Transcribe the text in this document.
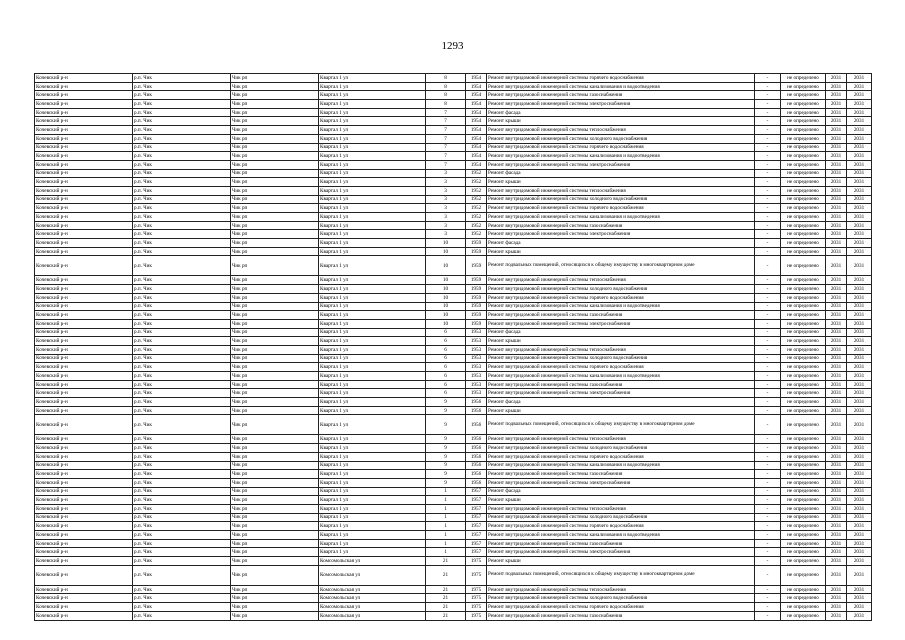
1293
Кочевский р-н	р.п. Чик	Чик рп	Квартал 1 ул	8	1954	Ремонт внутридомовой инженерной системы горячего водоснабжения	-	не определено	2031	2031
Кочевский р-н	р.п. Чик	Чик рп	Квартал 1 ул	8	1954	Ремонт внутридомовой инженерной системы канализования и водоотведения	-	не определено	2031	2031
Кочевский р-н	р.п. Чик	Чик рп	Квартал 1 ул	8	1954	Ремонт внутридомовой инженерной системы газоснабжения	-	не определено	2031	2031
Кочевский р-н	р.п. Чик	Чик рп	Квартал 1 ул	8	1954	Ремонт внутридомовой инженерной системы электроснабжения	-	не определено	2031	2031
Кочевский р-н	р.п. Чик	Чик рп	Квартал 1 ул	7	1954	Ремонт фасада	-	не определено	2031	2031
Кочевский р-н	р.п. Чик	Чик рп	Квартал 1 ул	7	1954	Ремонт крыши	-	не определено	2031	2031
Кочевский р-н	р.п. Чик	Чик рп	Квартал 1 ул	7	1954	Ремонт внутридомовой инженерной системы теплоснабжения	-	не определено	2031	2031
Кочевский р-н	р.п. Чик	Чик рп	Квартал 1 ул	7	1954	Ремонт внутридомовой инженерной системы холодного водоснабжения	-	не определено	2031	2031
Кочевский р-н	р.п. Чик	Чик рп	Квартал 1 ул	7	1954	Ремонт внутридомовой инженерной системы горячего водоснабжения	-	не определено	2031	2031
Кочевский р-н	р.п. Чик	Чик рп	Квартал 1 ул	7	1954	Ремонт внутридомовой инженерной системы канализования и водоотведения	-	не определено	2031	2031
Кочевский р-н	р.п. Чик	Чик рп	Квартал 1 ул	7	1954	Ремонт внутридомовой инженерной системы электроснабжения	-	не определено	2031	2031
Кочевский р-н	р.п. Чик	Чик рп	Квартал 1 ул	3	1952	Ремонт фасада	-	не определено	2031	2031
Кочевский р-н	р.п. Чик	Чик рп	Квартал 1 ул	3	1952	Ремонт крыши	-	не определено	2031	2031
Кочевский р-н	р.п. Чик	Чик рп	Квартал 1 ул	3	1952	Ремонт внутридомовой инженерной системы теплоснабжения	-	не определено	2031	2031
Кочевский р-н	р.п. Чик	Чик рп	Квартал 1 ул	3	1952	Ремонт внутридомовой инженерной системы холодного водоснабжения	-	не определено	2031	2031
Кочевский р-н	р.п. Чик	Чик рп	Квартал 1 ул	3	1952	Ремонт внутридомовой инженерной системы горячего водоснабжения	-	не определено	2031	2031
Кочевский р-н	р.п. Чик	Чик рп	Квартал 1 ул	3	1952	Ремонт внутридомовой инженерной системы канализования и водоотведения	-	не определено	2031	2031
Кочевский р-н	р.п. Чик	Чик рп	Квартал 1 ул	3	1952	Ремонт внутридомовой инженерной системы газоснабжения	-	не определено	2031	2031
Кочевский р-н	р.п. Чик	Чик рп	Квартал 1 ул	3	1952	Ремонт внутридомовой инженерной системы электроснабжения	-	не определено	2031	2031
Кочевский р-н	р.п. Чик	Чик рп	Квартал 1 ул	10	1959	Ремонт фасада	-	не определено	2031	2031
Кочевский р-н	р.п. Чик	Чик рп	Квартал 1 ул	10	1959	Ремонт крыши	-	не определено	2031	2031
Кочевский р-н	р.п. Чик	Чик рп	Квартал 1 ул	10	1959	Ремонт подвальных помещений, относящихся к общему имуществу в многоквартирном доме	-	не определено	2031	2031
Кочевский р-н	р.п. Чик	Чик рп	Квартал 1 ул	10	1959	Ремонт внутридомовой инженерной системы теплоснабжения	-	не определено	2031	2031
Кочевский р-н	р.п. Чик	Чик рп	Квартал 1 ул	10	1959	Ремонт внутридомовой инженерной системы холодного водоснабжения	-	не определено	2031	2031
Кочевский р-н	р.п. Чик	Чик рп	Квартал 1 ул	10	1959	Ремонт внутридомовой инженерной системы горячего водоснабжения	-	не определено	2031	2031
Кочевский р-н	р.п. Чик	Чик рп	Квартал 1 ул	10	1959	Ремонт внутридомовой инженерной системы канализования и водоотведения	-	не определено	2031	2031
Кочевский р-н	р.п. Чик	Чик рп	Квартал 1 ул	10	1959	Ремонт внутридомовой инженерной системы газоснабжения	-	не определено	2031	2031
Кочевский р-н	р.п. Чик	Чик рп	Квартал 1 ул	10	1959	Ремонт внутридомовой инженерной системы электроснабжения	-	не определено	2031	2031
Кочевский р-н	р.п. Чик	Чик рп	Квартал 1 ул	6	1953	Ремонт фасада	-	не определено	2031	2031
Кочевский р-н	р.п. Чик	Чик рп	Квартал 1 ул	6	1953	Ремонт крыши	-	не определено	2031	2031
Кочевский р-н	р.п. Чик	Чик рп	Квартал 1 ул	6	1953	Ремонт внутридомовой инженерной системы теплоснабжения	-	не определено	2031	2031
Кочевский р-н	р.п. Чик	Чик рп	Квартал 1 ул	6	1953	Ремонт внутридомовой инженерной системы холодного водоснабжения	-	не определено	2031	2031
Кочевский р-н	р.п. Чик	Чик рп	Квартал 1 ул	6	1953	Ремонт внутридомовой инженерной системы горячего водоснабжения	-	не определено	2031	2031
Кочевский р-н	р.п. Чик	Чик рп	Квартал 1 ул	6	1953	Ремонт внутридомовой инженерной системы канализования и водоотведения	-	не определено	2031	2031
Кочевский р-н	р.п. Чик	Чик рп	Квартал 1 ул	6	1953	Ремонт внутридомовой инженерной системы газоснабжения	-	не определено	2031	2031
Кочевский р-н	р.п. Чик	Чик рп	Квартал 1 ул	6	1953	Ремонт внутридомовой инженерной системы электроснабжения	-	не определено	2031	2031
Кочевский р-н	р.п. Чик	Чик рп	Квартал 1 ул	9	1956	Ремонт фасада	-	не определено	2031	2031
Кочевский р-н	р.п. Чик	Чик рп	Квартал 1 ул	9	1956	Ремонт крыши	-	не определено	2031	2031
Кочевский р-н	р.п. Чик	Чик рп	Квартал 1 ул	9	1956	Ремонт подвальных помещений, относящихся к общему имуществу в многоквартирном доме	-	не определено	2031	2031
Кочевский р-н	р.п. Чик	Чик рп	Квартал 1 ул	9	1956	Ремонт внутридомовой инженерной системы теплоснабжения	-	не определено	2031	2031
Кочевский р-н	р.п. Чик	Чик рп	Квартал 1 ул	9	1956	Ремонт внутридомовой инженерной системы холодного водоснабжения	-	не определено	2031	2031
Кочевский р-н	р.п. Чик	Чик рп	Квартал 1 ул	9	1956	Ремонт внутридомовой инженерной системы горячего водоснабжения	-	не определено	2031	2031
Кочевский р-н	р.п. Чик	Чик рп	Квартал 1 ул	9	1956	Ремонт внутридомовой инженерной системы канализования и водоотведения	-	не определено	2031	2031
Кочевский р-н	р.п. Чик	Чик рп	Квартал 1 ул	9	1956	Ремонт внутридомовой инженерной системы газоснабжения	-	не определено	2031	2031
Кочевский р-н	р.п. Чик	Чик рп	Квартал 1 ул	9	1956	Ремонт внутридомовой инженерной системы электроснабжения	-	не определено	2031	2031
Кочевский р-н	р.п. Чик	Чик рп	Квартал 1 ул	1	1957	Ремонт фасада	-	не определено	2031	2031
Кочевский р-н	р.п. Чик	Чик рп	Квартал 1 ул	1	1957	Ремонт крыши	-	не определено	2031	2031
Кочевский р-н	р.п. Чик	Чик рп	Квартал 1 ул	1	1957	Ремонт внутридомовой инженерной системы теплоснабжения	-	не определено	2031	2031
Кочевский р-н	р.п. Чик	Чик рп	Квартал 1 ул	1	1957	Ремонт внутридомовой инженерной системы холодного водоснабжения	-	не определено	2031	2031
Кочевский р-н	р.п. Чик	Чик рп	Квартал 1 ул	1	1957	Ремонт внутридомовой инженерной системы горячего водоснабжения	-	не определено	2031	2031
Кочевский р-н	р.п. Чик	Чик рп	Квартал 1 ул	1	1957	Ремонт внутридомовой инженерной системы канализования и водоотведения	-	не определено	2031	2031
Кочевский р-н	р.п. Чик	Чик рп	Квартал 1 ул	1	1957	Ремонт внутридомовой инженерной системы газоснабжения	-	не определено	2031	2031
Кочевский р-н	р.п. Чик	Чик рп	Квартал 1 ул	1	1957	Ремонт внутридомовой инженерной системы электроснабжения	-	не определено	2031	2031
Кочевский р-н	р.п. Чик	Чик рп	Комсомольская ул	21	1975	Ремонт крыши	-	не определено	2031	2031
Кочевский р-н	р.п. Чик	Чик рп	Комсомольская ул	21	1975	Ремонт подвальных помещений, относящихся к общему имуществу в многоквартирном доме	-	не определено	2031	2031
Кочевский р-н	р.п. Чик	Чик рп	Комсомольская ул	21	1975	Ремонт внутридомовой инженерной системы теплоснабжения	-	не определено	2031	2031
Кочевский р-н	р.п. Чик	Чик рп	Комсомольская ул	21	1975	Ремонт внутридомовой инженерной системы холодного водоснабжения	-	не определено	2031	2031
Кочевский р-н	р.п. Чик	Чик рп	Комсомольская ул	21	1975	Ремонт внутридомовой инженерной системы горячего водоснабжения	-	не определено	2031	2031
Кочевский р-н	р.п. Чик	Чик рп	Комсомольская ул	21	1975	Ремонт внутридомовой инженерной системы газоснабжения	-	не определено	2031	2031
